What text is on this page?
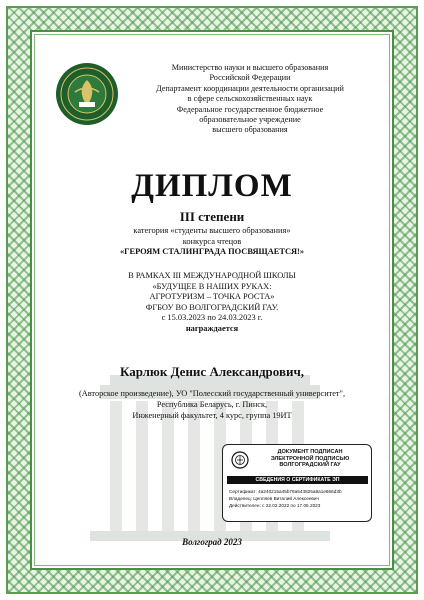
Министерство науки и высшего образования
Российской Федерации
Департамент координации деятельности организаций
в сфере сельскохозяйственных наук
Федеральное государственное бюджетное
образовательное учреждение
высшего образования
ДИПЛОМ
III степени
категория «студенты высшего образования»
конкурса чтецов
«ГЕРОЯМ СТАЛИНГРАДА ПОСВЯЩАЕТСЯ!»
В РАМКАХ III МЕЖДУНАРОДНОЙ ШКОЛЫ
«БУДУЩЕЕ В НАШИХ РУКАХ:
АГРОТУРИЗМ – ТОЧКА РОСТА»
ФГБОУ ВО ВОЛГОГРАДСКИЙ ГАУ.
с 15.03.2023 по 24.03.2023 г.
награждается
Карлюк Денис Александрович,
(Авторское произведение), УО "Полесский государственный университет",
Республика Беларусь, г. Пинск,
Инженерный факультет, 4 курс, группа 19ИТ
ДОКУМЕНТ ПОДПИСАН
ЭЛЕКТРОННОЙ ПОДПИСЬЮ
ВОЛГОГРАДСКИЙ ГАУ
СВЕДЕНИЯ О СЕРТИФИКАТЕ ЭП
Сертификат: 4a240215a45b78a543825a8a1e866d3b
Владелец: Цепляев Виталий Алексеевич
Действителен: с 22.02.2022 по 17.05.2023
Волгоград 2023
